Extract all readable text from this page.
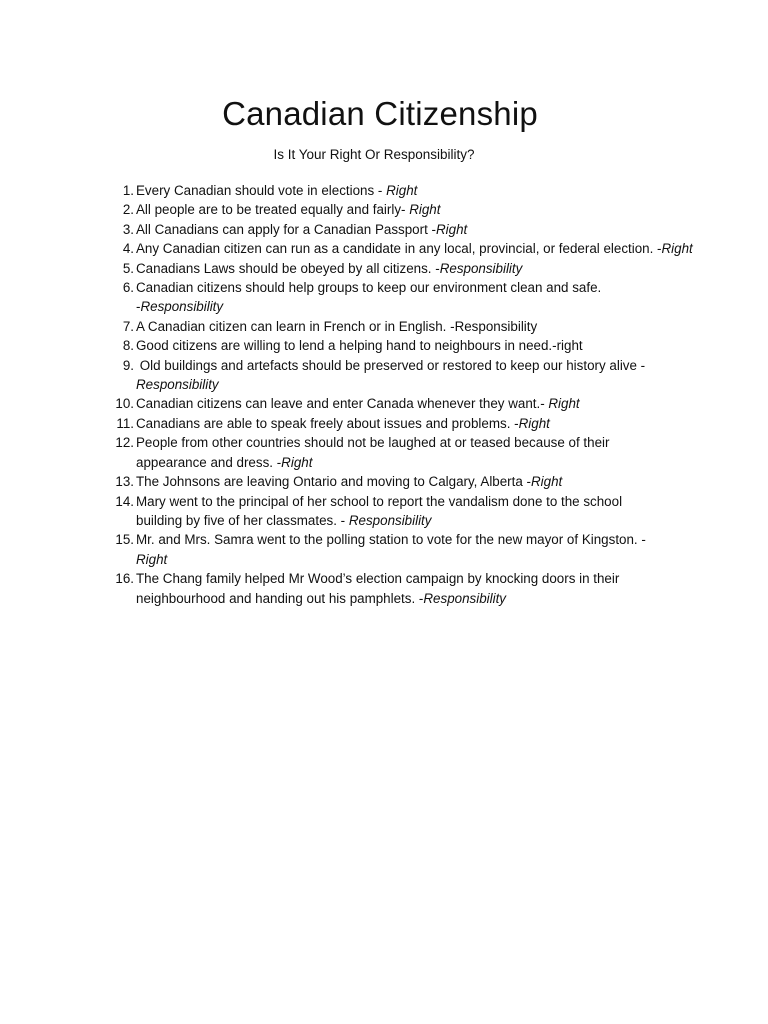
Canadian Citizenship

Is It Your Right Or Responsibility?

1. Every Canadian should vote in elections - Right
2. All people are to be treated equally and fairly- Right
3. All Canadians can apply for a Canadian Passport -Right
4. Any Canadian citizen can run as a candidate in any local, provincial, or federal election. -Right
5. Canadians Laws should be obeyed by all citizens. -Responsibility
6. Canadian citizens should help groups to keep our environment clean and safe.
-Responsibility
7. A Canadian citizen can learn in French or in English. -Responsibility
8. Good citizens are willing to lend a helping hand to neighbours in need.-right
9. Old buildings and artefacts should be preserved or restored to keep our history alive -
Responsibility
10. Canadian citizens can leave and enter Canada whenever they want.- Right
11. Canadians are able to speak freely about issues and problems. -Right
12. People from other countries should not be laughed at or teased because of their
appearance and dress. -Right
13. The Johnsons are leaving Ontario and moving to Calgary, Alberta -Right
14. Mary went to the principal of her school to report the vandalism done to the school
building by five of her classmates. - Responsibility
15. Mr. and Mrs. Samra went to the polling station to vote for the new mayor of Kingston. -
Right
16. The Chang family helped Mr Wood’s election campaign by knocking doors in their
neighbourhood and handing out his pamphlets. -Responsibility
